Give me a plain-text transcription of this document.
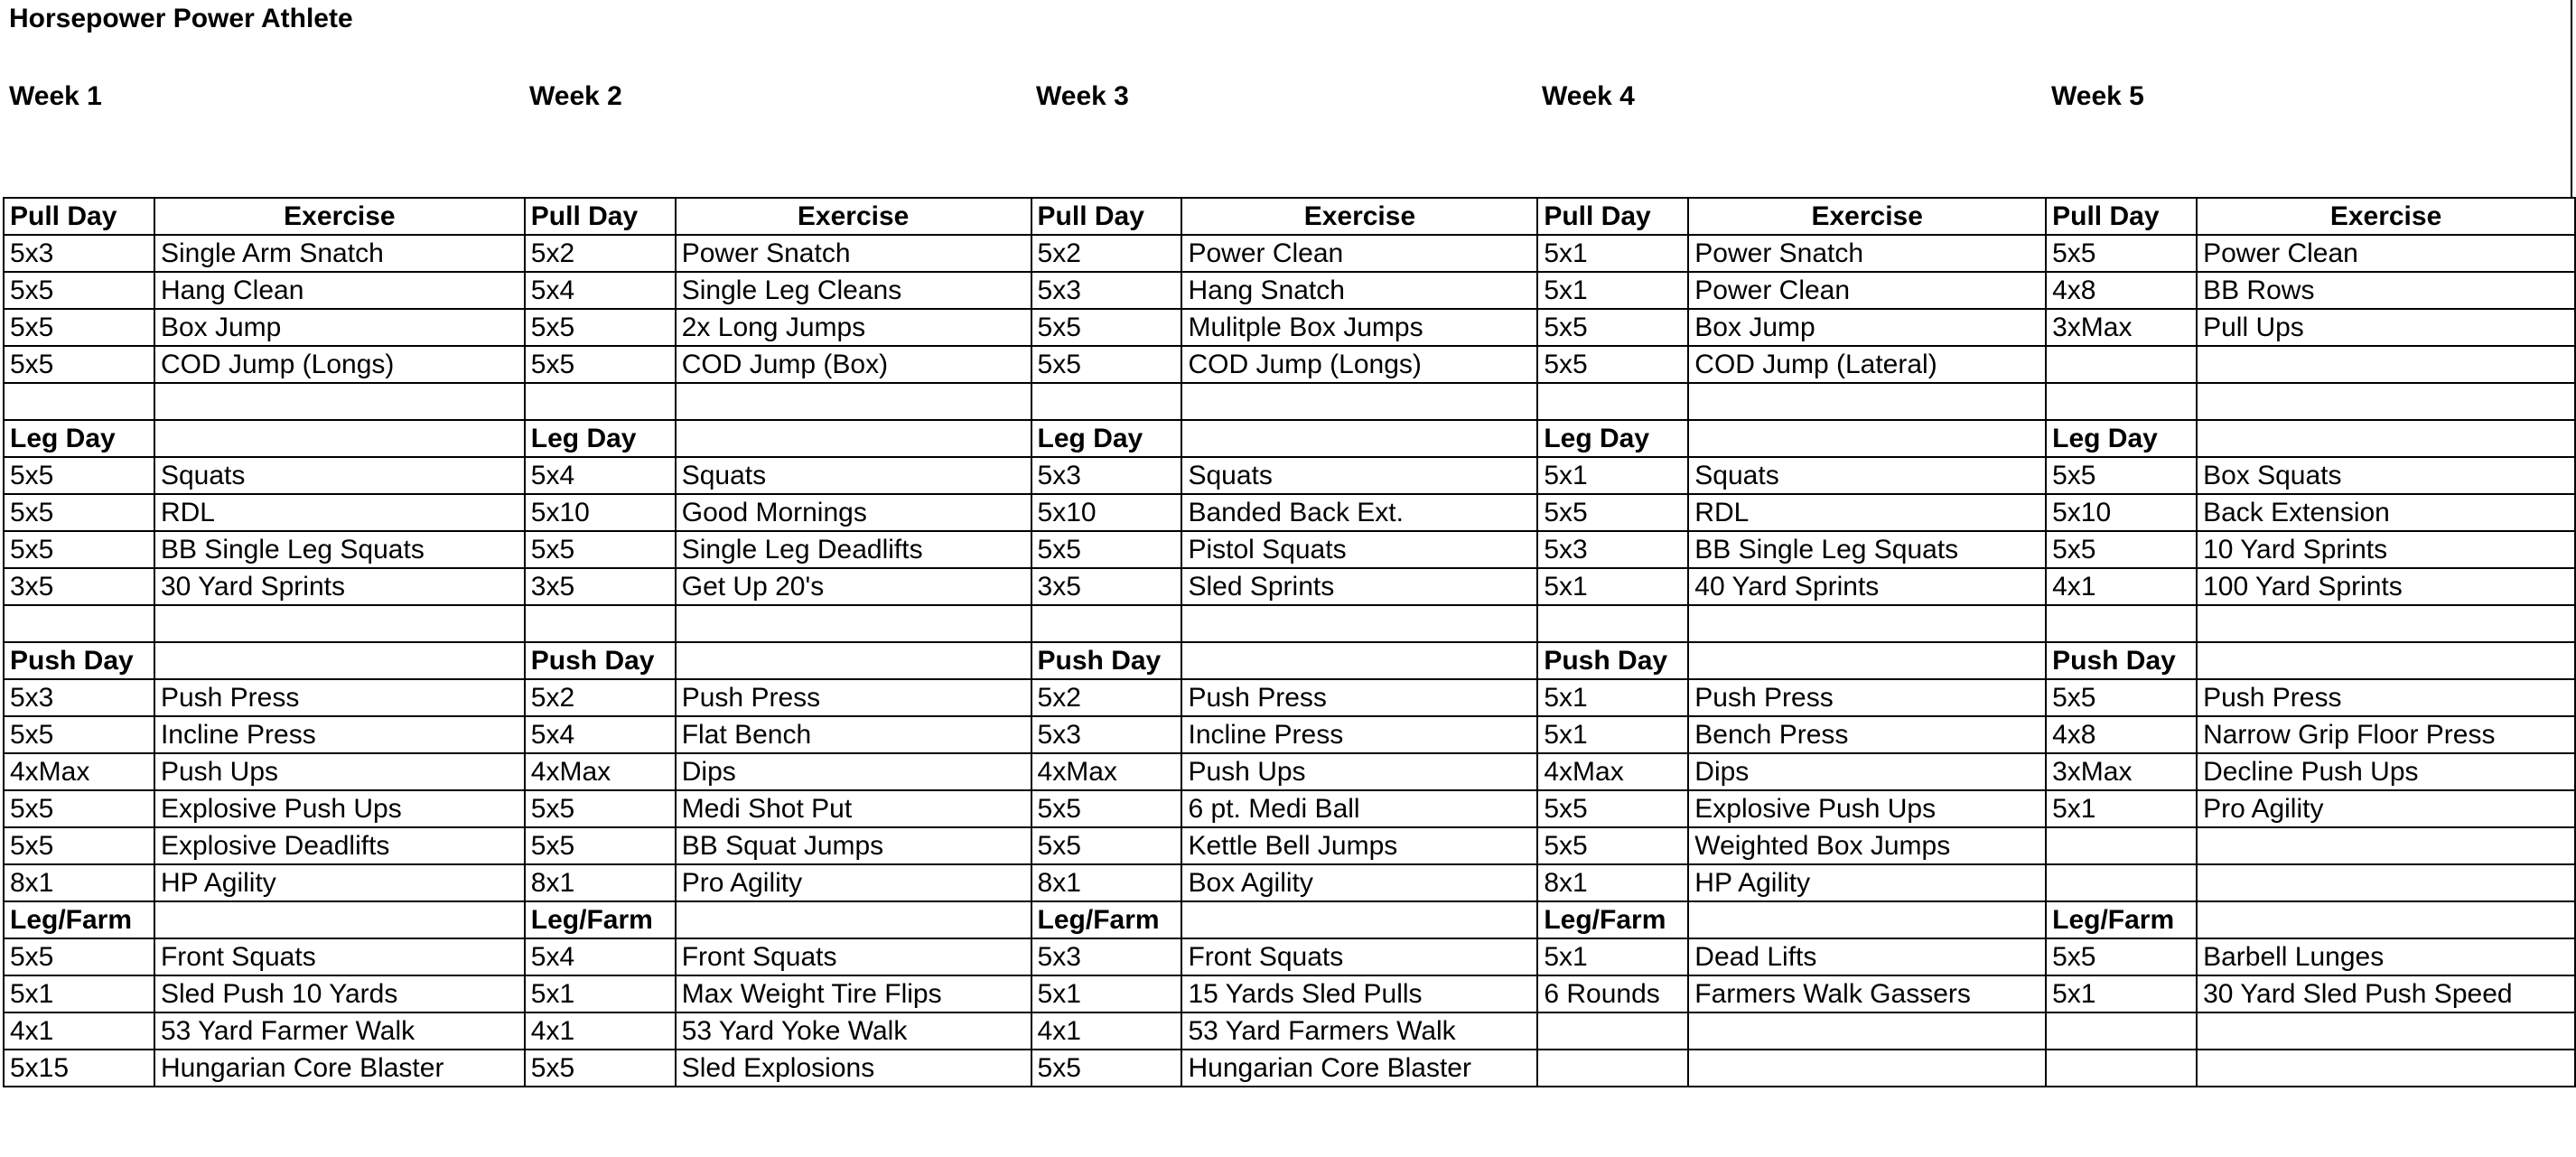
Horsepower Power Athlete
Week 1	Week 2	Week 3	Week 4	Week 5
Pull Day	Exercise	Pull Day	Exercise	Pull Day	Exercise	Pull Day	Exercise	Pull Day	Exercise
5x3	Single Arm Snatch	5x2	Power Snatch	5x2	Power Clean	5x1	Power Snatch	5x5	Power Clean
5x5	Hang Clean	5x4	Single Leg Cleans	5x3	Hang Snatch	5x1	Power Clean	4x8	BB Rows
5x5	Box Jump	5x5	2x Long Jumps	5x5	Mulitple Box Jumps	5x5	Box Jump	3xMax	Pull Ups
5x5	COD Jump (Longs)	5x5	COD Jump (Box)	5x5	COD Jump (Longs)	5x5	COD Jump (Lateral)		

Leg Day		Leg Day		Leg Day		Leg Day		Leg Day	
5x5	Squats	5x4	Squats	5x3	Squats	5x1	Squats	5x5	Box Squats
5x5	RDL	5x10	Good Mornings	5x10	Banded Back Ext.	5x5	RDL	5x10	Back Extension
5x5	BB Single Leg Squats	5x5	Single Leg Deadlifts	5x5	Pistol Squats	5x3	BB Single Leg Squats	5x5	10 Yard Sprints
3x5	30 Yard Sprints	3x5	Get Up 20's	3x5	Sled Sprints	5x1	40 Yard Sprints	4x1	100 Yard Sprints

Push Day		Push Day		Push Day		Push Day		Push Day	
5x3	Push Press	5x2	Push Press	5x2	Push Press	5x1	Push Press	5x5	Push Press
5x5	Incline Press	5x4	Flat Bench	5x3	Incline Press	5x1	Bench Press	4x8	Narrow Grip Floor Press
4xMax	Push Ups	4xMax	Dips	4xMax	Push Ups	4xMax	Dips	3xMax	Decline Push Ups
5x5	Explosive Push Ups	5x5	Medi Shot Put	5x5	6 pt. Medi Ball	5x5	Explosive Push Ups	5x1	Pro Agility
5x5	Explosive Deadlifts	5x5	BB Squat Jumps	5x5	Kettle Bell Jumps	5x5	Weighted Box Jumps		
8x1	HP Agility	8x1	Pro Agility	8x1	Box Agility	8x1	HP Agility		
Leg/Farm		Leg/Farm		Leg/Farm		Leg/Farm		Leg/Farm	
5x5	Front Squats	5x4	Front Squats	5x3	Front Squats	5x1	Dead Lifts	5x5	Barbell Lunges
5x1	Sled Push 10 Yards	5x1	Max Weight Tire Flips	5x1	15 Yards Sled Pulls	6 Rounds	Farmers Walk Gassers	5x1	30 Yard Sled Push Speed
4x1	53 Yard Farmer Walk	4x1	53 Yard Yoke Walk	4x1	53 Yard Farmers Walk				
5x15	Hungarian Core Blaster	5x5	Sled Explosions	5x5	Hungarian Core Blaster				
